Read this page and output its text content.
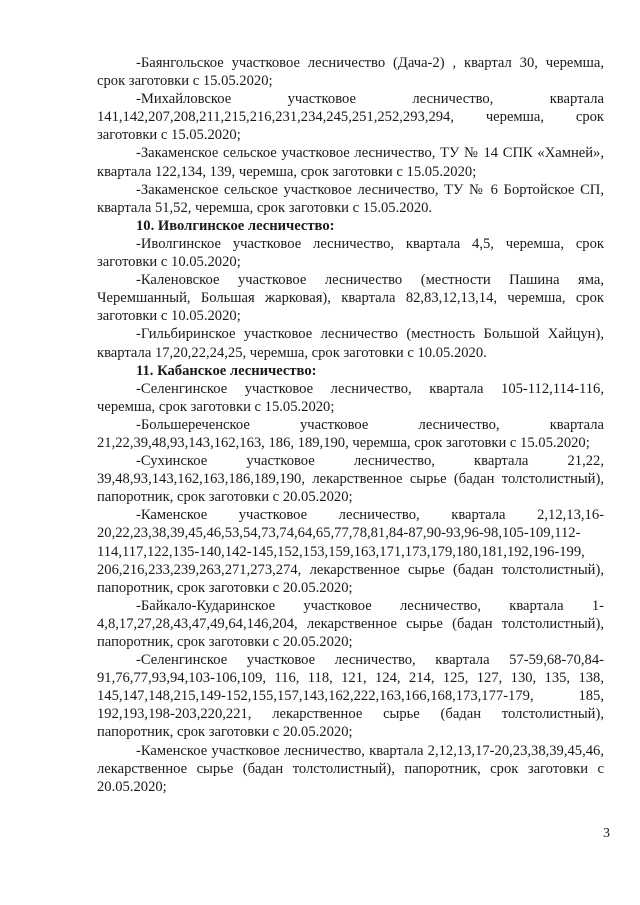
-Баянгольское участковое лесничество (Дача-2) , квартал 30, черемша, срок заготовки с 15.05.2020;

-Михайловское участковое лесничество, квартала 141,142,207,208,211,215,216,231,234,245,251,252,293,294, черемша, срок заготовки с 15.05.2020;

-Закаменское сельское участковое лесничество, ТУ № 14 СПК «Хамней», квартала 122,134, 139, черемша, срок заготовки с 15.05.2020;

-Закаменское сельское участковое лесничество, ТУ № 6 Бортойское СП, квартала 51,52, черемша, срок заготовки с 15.05.2020.

10. Иволгинское лесничество:

-Иволгинское участковое лесничество, квартала 4,5, черемша, срок заготовки с 10.05.2020;

-Каленовское участковое лесничество (местности Пашина яма, Черемшанный, Большая жарковая), квартала 82,83,12,13,14, черемша, срок заготовки с 10.05.2020;

-Гильбиринское участковое лесничество (местность Большой Хайцун), квартала 17,20,22,24,25, черемша, срок заготовки с 10.05.2020.

11. Кабанское лесничество:

-Селенгинское участковое лесничество, квартала 105-112,114-116, черемша, срок заготовки с 15.05.2020;

-Большереченское участковое лесничество, квартала 21,22,39,48,93,143,162,163, 186, 189,190, черемша, срок заготовки с 15.05.2020;

-Сухинское участковое лесничество, квартала 21,22, 39,48,93,143,162,163,186,189,190, лекарственное сырье (бадан толстолистный), папоротник, срок заготовки с 20.05.2020;

-Каменское участковое лесничество, квартала 2,12,13,16-20,22,23,38,39,45,46,53,54,73,74,64,65,77,78,81,84-87,90-93,96-98,105-109,112-114,117,122,135-140,142-145,152,153,159,163,171,173,179,180,181,192,196-199, 206,216,233,239,263,271,273,274, лекарственное сырье (бадан толстолистный), папоротник, срок заготовки с 20.05.2020;

-Байкало-Кударинское участковое лесничество, квартала 1-4,8,17,27,28,43,47,49,64,146,204, лекарственное сырье (бадан толстолистный), папоротник, срок заготовки с 20.05.2020;

-Селенгинское участковое лесничество, квартала 57-59,68-70,84-91,76,77,93,94,103-106,109, 116, 118, 121, 124, 214, 125, 127, 130, 135, 138, 145,147,148,215,149-152,155,157,143,162,222,163,166,168,173,177-179, 185, 192,193,198-203,220,221, лекарственное сырье (бадан толстолистный), папоротник, срок заготовки с 20.05.2020;

-Каменское участковое лесничество, квартала 2,12,13,17-20,23,38,39,45,46, лекарственное сырье (бадан толстолистный), папоротник, срок заготовки с 20.05.2020;

3
